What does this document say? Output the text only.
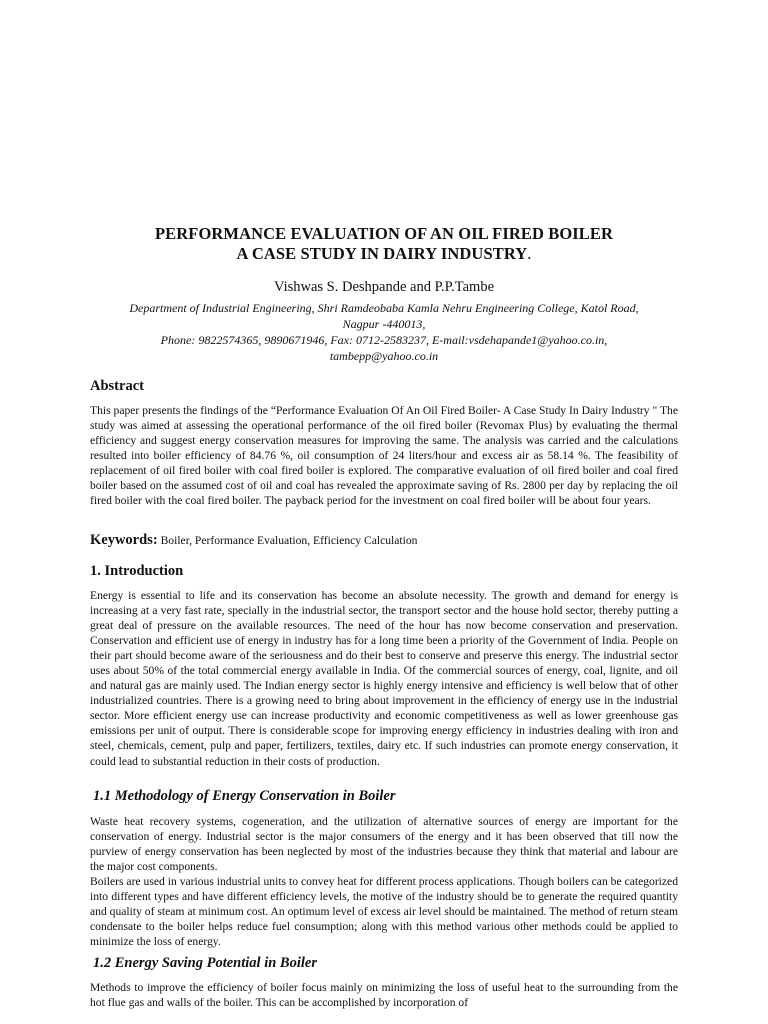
PERFORMANCE EVALUATION OF AN OIL FIRED BOILER
A CASE STUDY IN DAIRY INDUSTRY.
Vishwas S. Deshpande and P.P.Tambe
Department of Industrial Engineering, Shri Ramdeobaba Kamla Nehru Engineering College, Katol Road,
Nagpur -440013,
Phone: 9822574365, 9890671946, Fax: 0712-2583237, E-mail:vsdehapande1@yahoo.co.in,
tambepp@yahoo.co.in
Abstract
This paper presents the findings of the “Performance Evaluation Of An Oil Fired Boiler- A Case Study In Dairy Industry " The study was aimed at assessing the operational performance of the oil fired boiler (Revomax Plus) by evaluating the thermal efficiency and suggest energy conservation measures for improving the same. The analysis was carried and the calculations resulted into boiler efficiency of 84.76 %, oil consumption of 24 liters/hour and excess air as 58.14 %. The feasibility of replacement of oil fired boiler with coal fired boiler is explored. The comparative evaluation of oil fired boiler and coal fired boiler based on the assumed cost of oil and coal has revealed the approximate saving of Rs. 2800 per day by replacing the oil fired boiler with the coal fired boiler. The payback period for the investment on coal fired boiler will be about four years.
Keywords: Boiler, Performance Evaluation, Efficiency Calculation
1. Introduction
Energy is essential to life and its conservation has become an absolute necessity. The growth and demand for energy is increasing at a very fast rate, specially in the industrial sector, the transport sector and the house hold sector, thereby putting a great deal of pressure on the available resources. The need of the hour has now become conservation and preservation. Conservation and efficient use of energy in industry has for a long time been a priority of the Government of India. People on their part should become aware of the seriousness and do their best to conserve and preserve this energy. The industrial sector uses about 50% of the total commercial energy available in India. Of the commercial sources of energy, coal, lignite, and oil and natural gas are mainly used. The Indian energy sector is highly energy intensive and efficiency is well below that of other industrialized countries. There is a growing need to bring about improvement in the efficiency of energy use in the industrial sector. More efficient energy use can increase productivity and economic competitiveness as well as lower greenhouse gas emissions per unit of output. There is considerable scope for improving energy efficiency in industries dealing with iron and steel, chemicals, cement, pulp and paper, fertilizers, textiles, dairy etc. If such industries can promote energy conservation, it could lead to substantial reduction in their costs of production.
1.1 Methodology of Energy Conservation in Boiler
Waste heat recovery systems, cogeneration, and the utilization of alternative sources of energy are important for the conservation of energy. Industrial sector is the major consumers of the energy and it has been observed that till now the purview of energy conservation has been neglected by most of the industries because they think that material and labour are the major cost components.
Boilers are used in various industrial units to convey heat for different process applications. Though boilers can be categorized into different types and have different efficiency levels, the motive of the industry should be to generate the required quantity and quality of steam at minimum cost. An optimum level of excess air level should be maintained. The method of return steam condensate to the boiler helps reduce fuel consumption; along with this method various other methods could be applied to minimize the loss of energy.
1.2 Energy Saving Potential in Boiler
Methods to improve the efficiency of boiler focus mainly on minimizing the loss of useful heat to the surrounding from the hot flue gas and walls of the boiler. This can be accomplished by incorporation of
